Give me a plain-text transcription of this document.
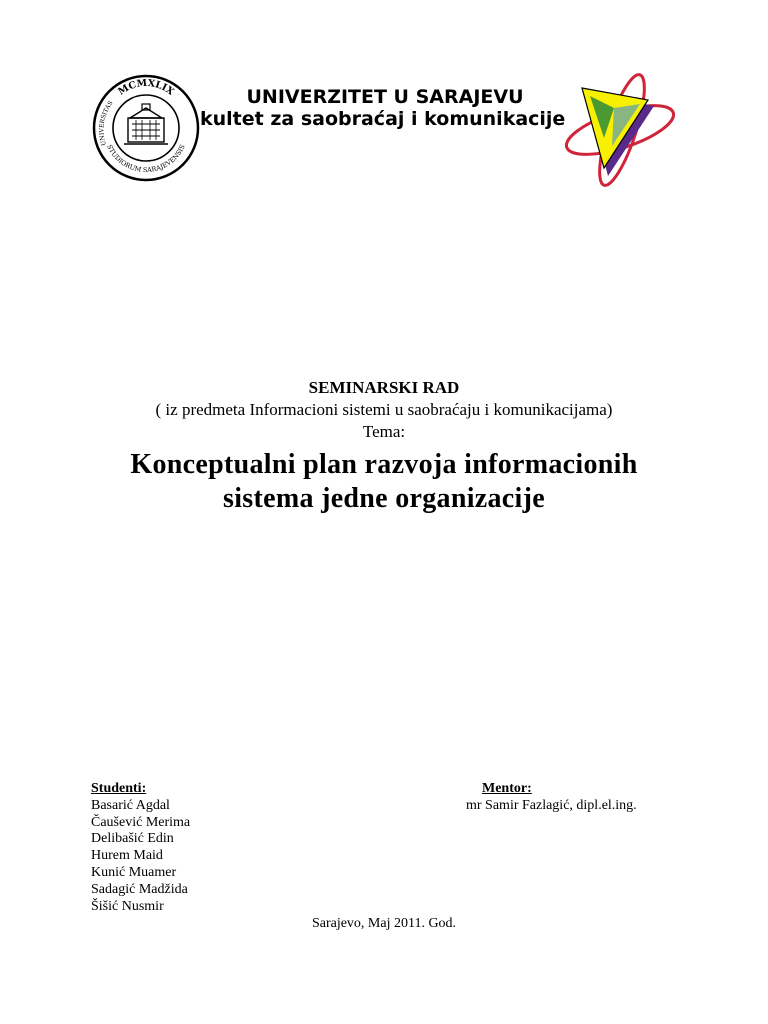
MCMXLIX
STUDIORUM SARAJEVENSIS
UNIVERSITAS	UNIVERZITET U SARAJEVU
kultet za saobraćaj i komunikacije
SEMINARSKI RAD
( iz predmeta Informacioni sistemi u saobraćaju i komunikacijama)
Tema:
Konceptualni plan razvoja informacionih
sistema jedne organizacije
Studenti:
Basarić Agdal
Čaušević Merima
Delibašić Edin
Hurem Maid
Kunić Muamer
Sadagić Madžida
Šišić Nusmir
Mentor:
mr Samir Fazlagić, dipl.el.ing.
Sarajevo, Maj 2011. God.
